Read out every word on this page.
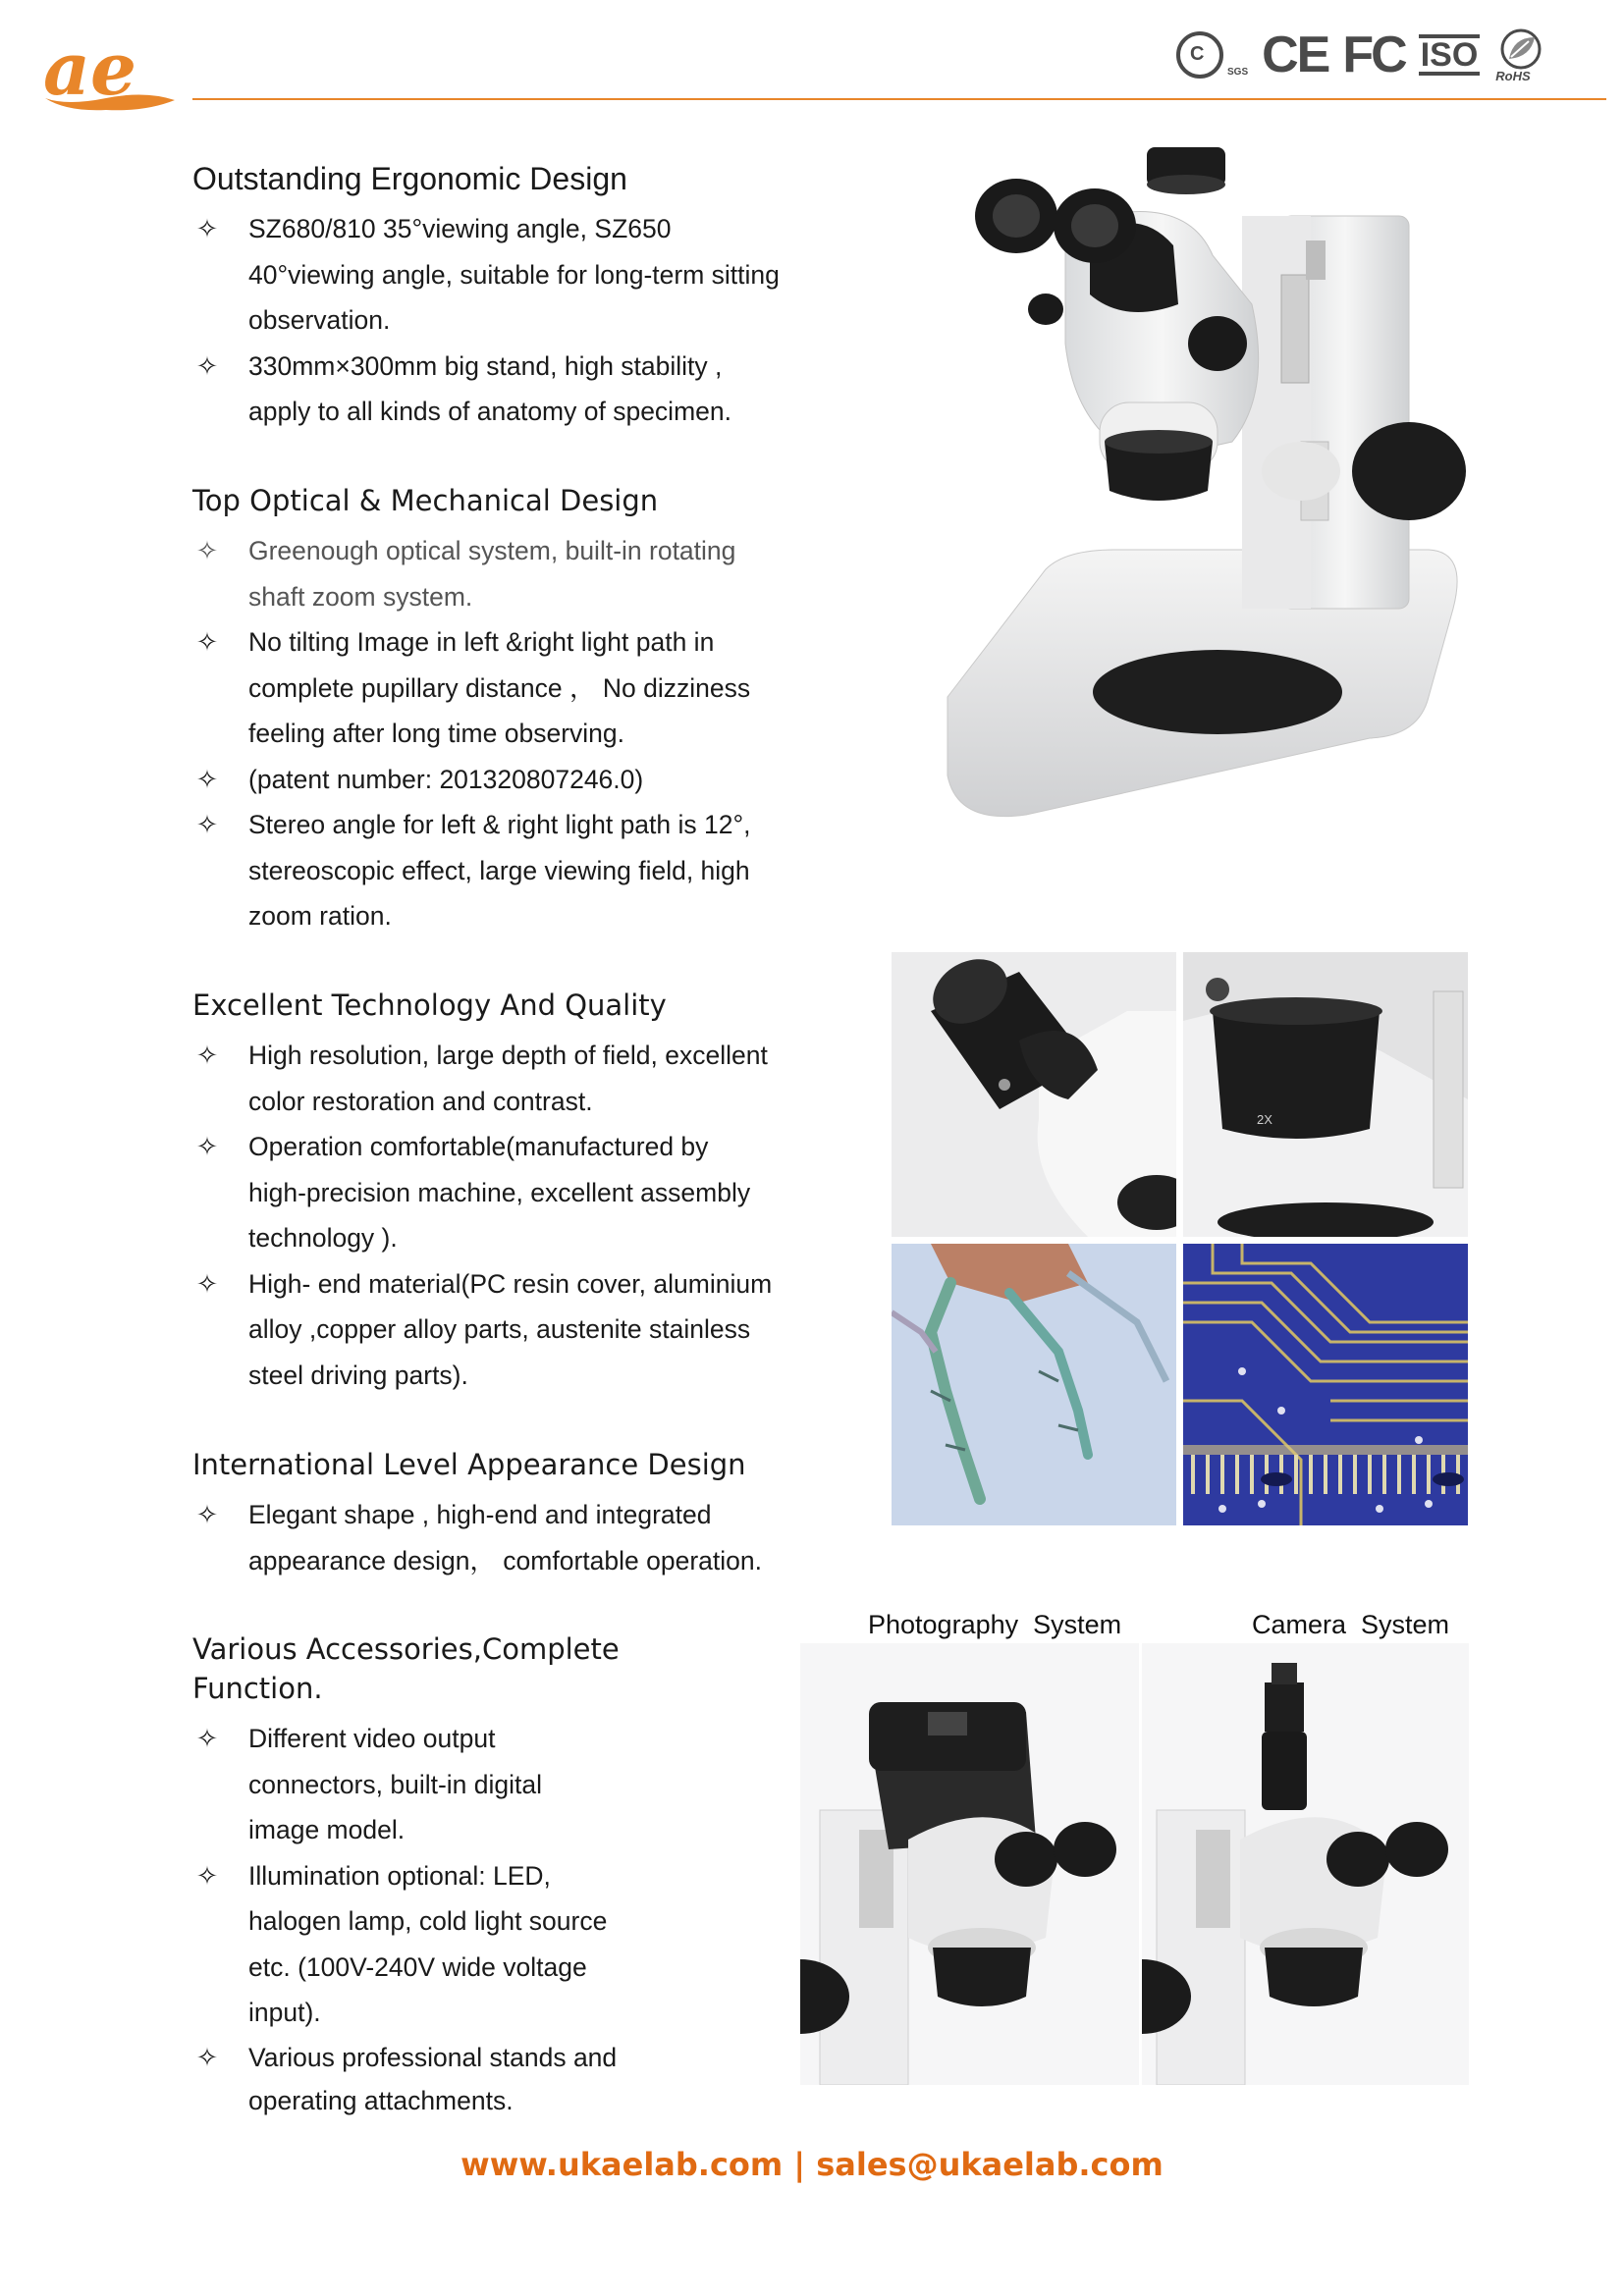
ae	C
SGS CE FC ISO
RoHS
Outstanding Ergonomic Design
✧ SZ680/810 35°viewing angle, SZ650
40°viewing angle, suitable for long-term sitting
observation.
✧ 330mm×300mm big stand, high stability ,
apply to all kinds of anatomy of specimen.
Top Optical & Mechanical Design
✧ Greenough optical system, built-in rotating
shaft zoom system.
✧ No tilting Image in left &right light path in
complete pupillary distance ， No dizziness
feeling after long time observing.
✧ (patent number: 201320807246.0)
✧ Stereo angle for left & right light path is 12°,
stereoscopic effect, large viewing field, high
zoom ration.
Excellent Technology And Quality
✧ High resolution, large depth of field, excellent
color restoration and contrast.
✧ Operation comfortable(manufactured by
high-precision machine, excellent assembly
technology ).
✧ High- end material(PC resin cover, aluminium
alloy ,copper alloy parts, austenite stainless
steel driving parts).
International Level Appearance Design
✧ Elegant shape , high-end and integrated
appearance design， comfortable operation.
Various Accessories,Complete Function.
✧ Different video output
connectors, built-in digital
image model.
✧ Illumination optional: LED,
halogen lamp, cold light source
etc. (100V-240V wide voltage
input).
✧ Various professional stands and
operating attachments.
2X
Photography  System	Camera  System
www.ukaelab.com | sales@ukaelab.com
